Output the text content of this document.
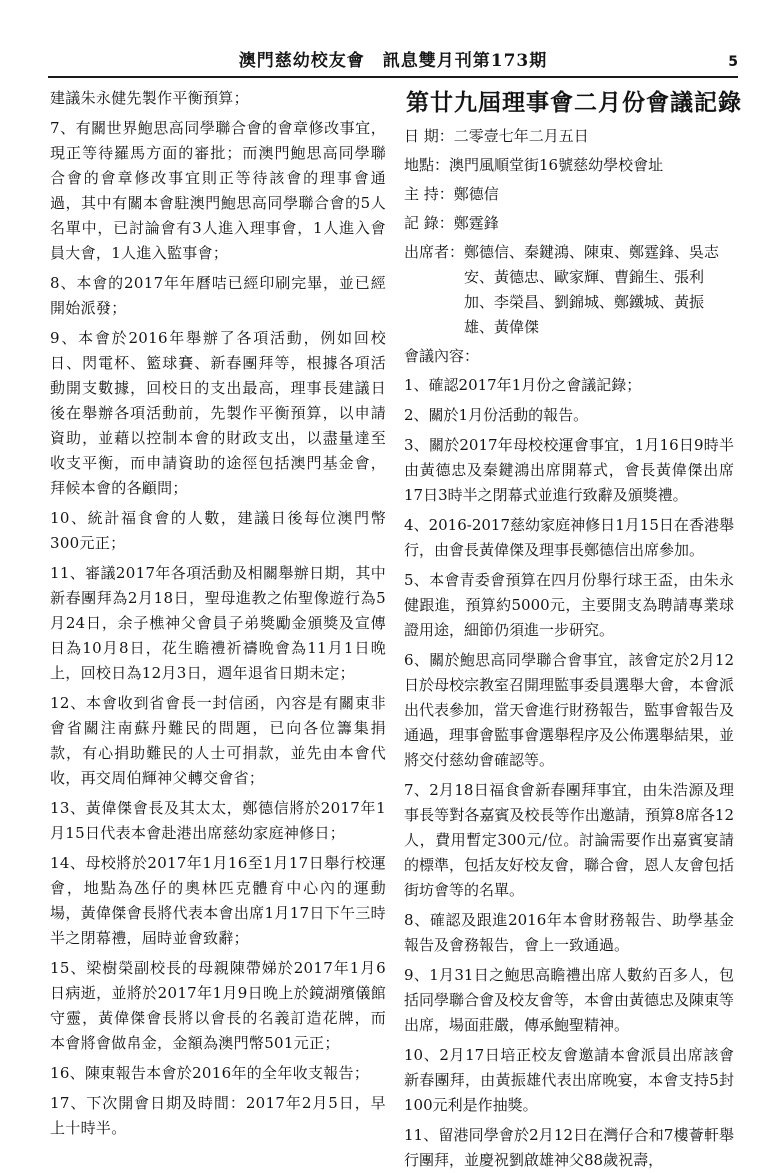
澳門慈幼校友會　訊息雙月刊第173期	5

建議朱永健先製作平衡預算；

7、有關世界鮑思高同學聯合會的會章修改事宜，現正等待羅馬方面的審批；而澳門鮑思高同學聯合會的會章修改事宜則正等待該會的理事會通過，其中有關本會駐澳門鮑思高同學聯合會的5人名單中，已討論會有3人進入理事會，1人進入會員大會，1人進入監事會；

8、本會的2017年年曆咭已經印刷完畢，並已經開始派發；

9、本會於2016年舉辦了各項活動，例如回校日、閃電杯、籃球賽、新春團拜等，根據各項活動開支數據，回校日的支出最高，理事長建議日後在舉辦各項活動前，先製作平衡預算，以申請資助，並藉以控制本會的財政支出，以盡量達至收支平衡，而申請資助的途徑包括澳門基金會，拜候本會的各顧問；

10、統計福食會的人數，建議日後每位澳門幣300元正；

11、審議2017年各項活動及相關舉辦日期，其中新春團拜為2月18日，聖母進教之佑聖像遊行為5月24日，余子樵神父會員子弟獎勵金頒獎及宣傳日為10月8日，花生瞻禮祈禱晚會為11月1日晚上，回校日為12月3日，週年退省日期未定；

12、本會收到省會長一封信函，內容是有關東非會省關注南蘇丹難民的問題，已向各位籌集捐款，有心捐助難民的人士可捐款，並先由本會代收，再交周伯輝神父轉交會省；

13、黃偉傑會長及其太太，鄭德信將於2017年1月15日代表本會赴港出席慈幼家庭神修日；

14、母校將於2017年1月16至1月17日舉行校運會，地點為氹仔的奧林匹克體育中心內的運動場，黃偉傑會長將代表本會出席1月17日下午三時半之閉幕禮，屆時並會致辭；

15、梁樹榮副校長的母親陳帶娣於2017年1月6日病逝，並將於2017年1月9日晚上於鏡湖殯儀館守靈，黃偉傑會長將以會長的名義訂造花牌，而本會將會做帛金，金額為澳門幣501元正；

16、陳東報告本會於2016年的全年收支報告；

17、下次開會日期及時間：2017年2月5日，早上十時半。

第廿九屆理事會二月份會議記錄
日 期：二零壹七年二月五日
地點：澳門風順堂街16號慈幼學校會址
主 持：鄭德信
記 錄：鄭霆鋒
出席者： 鄭德信、秦鍵鴻、陳東、鄭霆鋒、吳志安、黃德忠、歐家輝、曹錦生、張利加、李榮昌、劉錦城、鄭鐵城、黃振雄、黃偉傑
會議內容：

1、確認2017年1月份之會議記錄；

2、關於1月份活動的報告。

3、關於2017年母校校運會事宜，1月16日9時半由黃德忠及秦鍵鴻出席開幕式，會長黃偉傑出席17日3時半之閉幕式並進行致辭及頒獎禮。

4、2016-2017慈幼家庭神修日1月15日在香港舉行，由會長黃偉傑及理事長鄭德信出席參加。

5、本會青委會預算在四月份舉行球王盃，由朱永健跟進，預算約5000元，主要開支為聘請專業球證用途，細節仍須進一步研究。

6、關於鮑思高同學聯合會事宜，該會定於2月12日於母校宗教室召開理監事委員選舉大會，本會派出代表參加，當天會進行財務報告，監事會報告及通過，理事會監事會選舉程序及公佈選舉結果，並將交付慈幼會確認等。

7、2月18日福食會新春團拜事宜，由朱浩源及理事長等對各嘉賓及校長等作出邀請，預算8席各12人，費用暫定300元/位。討論需要作出嘉賓宴請的標準，包括友好校友會，聯合會，恩人友會包括街坊會等的名單。

8、確認及跟進2016年本會財務報告、助學基金報告及會務報告，會上一致通過。

9、1月31日之鮑思高瞻禮出席人數約百多人，包括同學聯合會及校友會等，本會由黃德忠及陳東等出席，場面莊嚴，傳承鮑聖精神。

10、2月17日培正校友會邀請本會派員出席該會新春團拜，由黃振雄代表出席晚宴，本會支持5封100元利是作抽獎。

11、留港同學會於2月12日在灣仔合和7樓薈軒舉行團拜，並慶祝劉啟雄神父88歲祝壽，
